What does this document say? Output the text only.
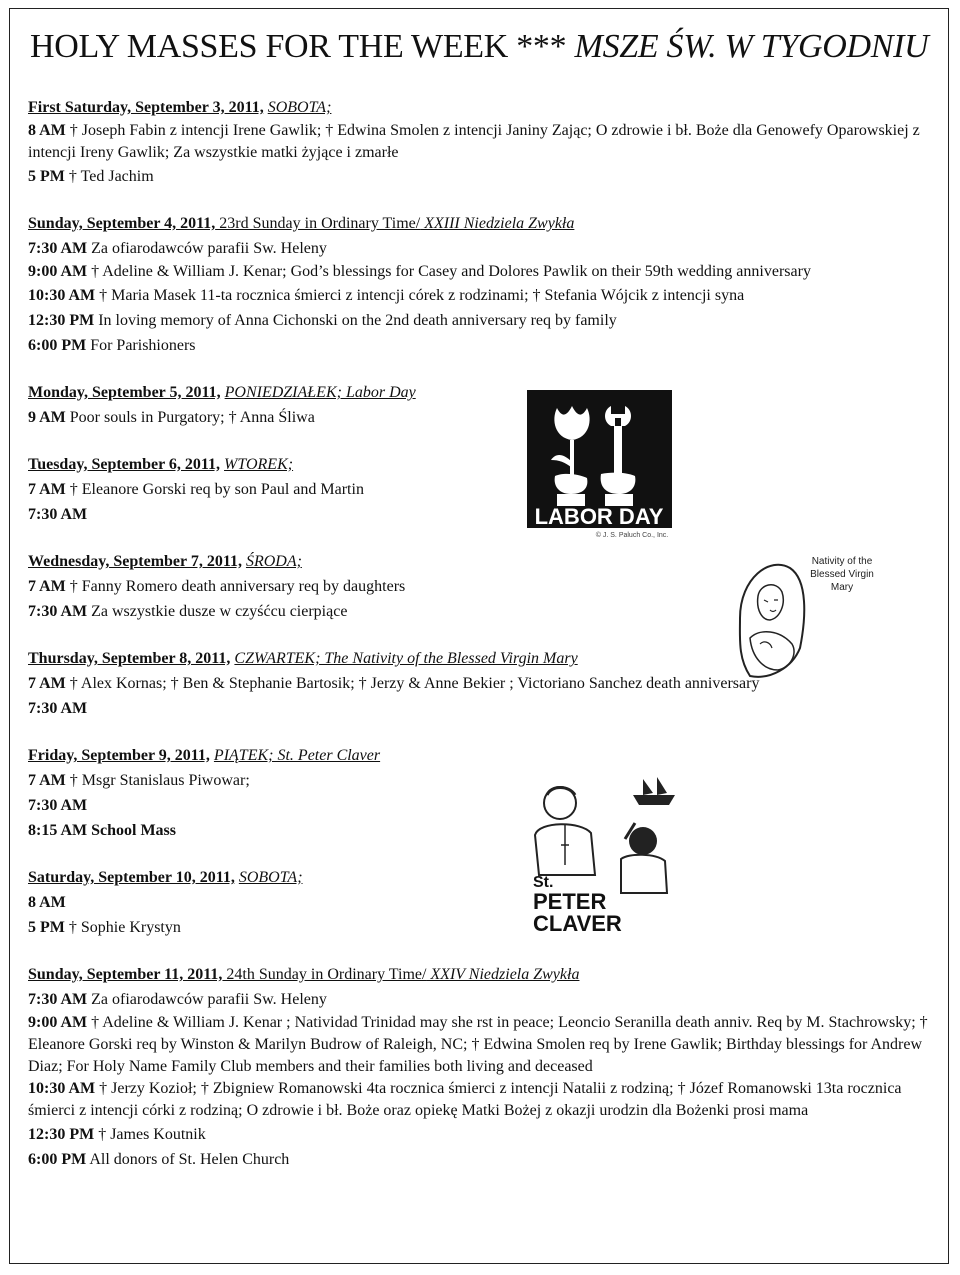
HOLY MASSES FOR THE WEEK *** MSZE ŚW. W TYGODNIU

First Saturday, September 3, 2011, SOBOTA;

8 AM † Joseph Fabin z intencji Irene Gawlik; † Edwina Smolen z intencji Janiny Zając; O zdrowie i bł. Boże dla Genowefy Oparowskiej z intencji Ireny Gawlik; Za wszystkie matki żyjące i zmarłe

5 PM † Ted Jachim

Sunday, September 4, 2011, 23rd Sunday in Ordinary Time/ XXIII Niedziela Zwykła

7:30 AM Za ofiarodawców parafii Sw. Heleny

9:00 AM † Adeline & William J. Kenar; God’s blessings for Casey and Dolores Pawlik on their 59th wedding anniversary

10:30 AM † Maria Masek 11-ta rocznica śmierci z intencji córek z rodzinami; † Stefania Wójcik z intencji syna

12:30 PM In loving memory of Anna Cichonski on the 2nd death anniversary req by family

6:00 PM For Parishioners

Monday, September 5, 2011, PONIEDZIAŁEK; Labor Day

9 AM Poor souls in Purgatory; † Anna Śliwa

Tuesday, September 6, 2011, WTOREK;

7 AM † Eleanore Gorski req by son Paul and Martin

7:30 AM

Wednesday, September 7, 2011, ŚRODA;

7 AM † Fanny Romero death anniversary req by daughters

7:30 AM Za wszystkie dusze w czyśćcu cierpiące

Thursday, September 8, 2011, CZWARTEK; The Nativity of the Blessed Virgin Mary

7 AM † Alex Kornas; † Ben & Stephanie Bartosik; † Jerzy & Anne Bekier ; Victoriano Sanchez death anniversary

7:30 AM

Friday, September 9, 2011, PIĄTEK; St. Peter Claver

7 AM † Msgr Stanislaus Piwowar;

7:30 AM

8:15 AM School Mass

Saturday, September 10, 2011, SOBOTA;

8 AM

5 PM † Sophie Krystyn

Sunday, September 11, 2011, 24th Sunday in Ordinary Time/ XXIV Niedziela Zwykła

7:30 AM Za ofiarodawców parafii Sw. Heleny

9:00 AM † Adeline & William J. Kenar ; Natividad Trinidad may she rst in peace; Leoncio Seranilla death anniv. Req by M. Stachrowsky; † Eleanore Gorski req by Winston & Marilyn Budrow of Raleigh, NC; † Edwina Smolen req by Irene Gawlik; Birthday blessings for Andrew Diaz; For Holy Name Family Club members and their families both living and deceased

10:30 AM † Jerzy Kozioł; † Zbigniew Romanowski 4ta rocznica śmierci z intencji Natalii z rodziną; † Józef Romanowski 13ta rocznica śmierci z intencji córki z rodziną; O zdrowie i bł. Boże oraz opiekę Matki Bożej z okazji urodzin dla Bożenki prosi mama

12:30 PM † James Koutnik

6:00 PM All donors of St. Helen Church

LABOR DAY
© J. S. Paluch Co., Inc.
Nativity of the
Blessed Virgin
Mary
St.
PETER
CLAVER
